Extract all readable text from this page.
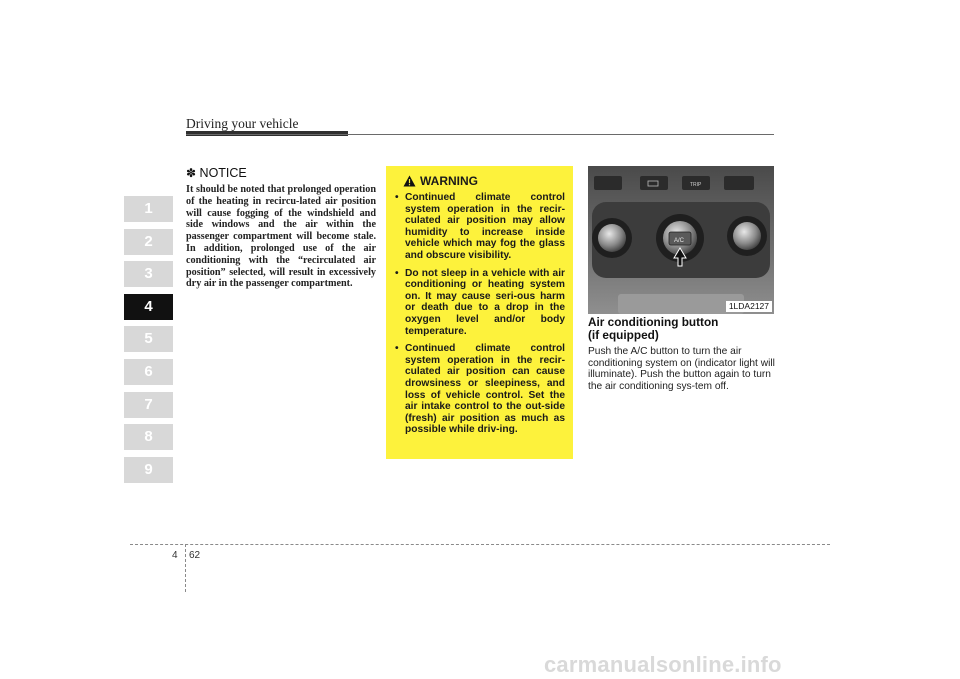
Driving your vehicle
1
2
3
4
5
6
7
8
9
✽ NOTICE
It should be noted that prolonged operation of the heating in recircu-lated air position will cause fogging of the windshield and side windows and the air within the passenger compartment will become stale. In addition, prolonged use of the air conditioning with the “recirculated air position” selected, will result in excessively dry air in the passenger compartment.
WARNING
• Continued climate control system operation in the recir-culated air position may allow humidity to increase inside vehicle which may fog the glass and obscure visibility.
• Do not sleep in a vehicle with air conditioning or heating system on. It may cause seri-ous harm or death due to a drop in the oxygen level and/or body temperature.
• Continued climate control system operation in the recir-culated air position can cause drowsiness or sleepiness, and loss of vehicle control. Set the air intake control to the out-side (fresh) air position as much as possible while driv-ing.
TRIP
A/C
1LDA2127
Air conditioning button
(if equipped)
Push the A/C button to turn the air conditioning system on (indicator light will illuminate). Push the button again to turn the air conditioning sys-tem off.
4 62
carmanualsonline.info
